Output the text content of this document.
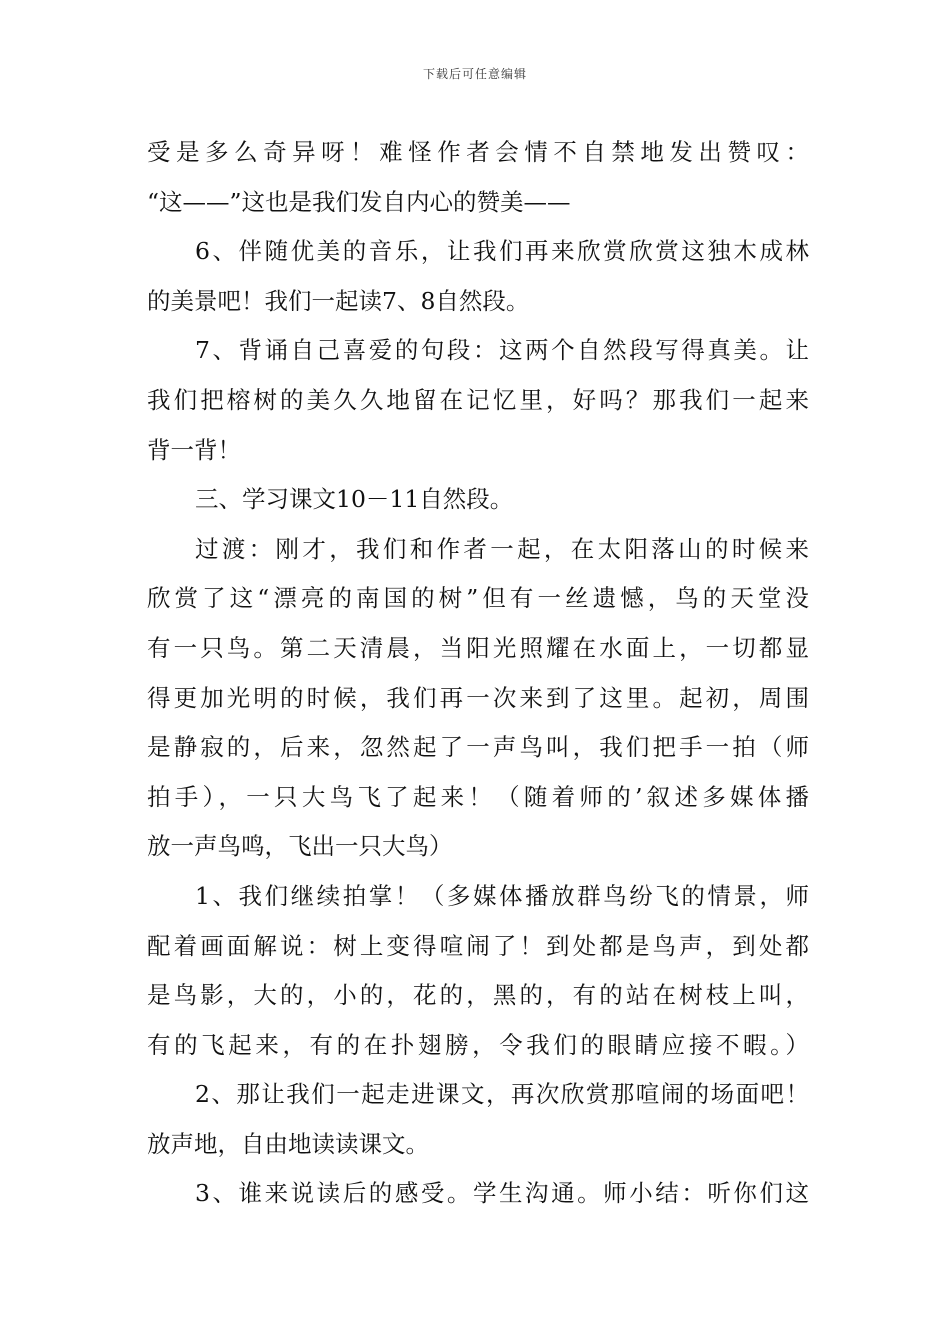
下载后可任意编辑
受是多么奇异呀！难怪作者会情不自禁地发出赞叹：
“这——”这也是我们发自内心的赞美——
6、伴随优美的音乐，让我们再来欣赏欣赏这独木成林
的美景吧！我们一起读7、8自然段。
7、背诵自己喜爱的句段：这两个自然段写得真美。让
我们把榕树的美久久地留在记忆里，好吗？那我们一起来
背一背！
三、学习课文10－11自然段。
过渡：刚才，我们和作者一起，在太阳落山的时候来
欣赏了这“漂亮的南国的树”但有一丝遗憾，鸟的天堂没
有一只鸟。第二天清晨，当阳光照耀在水面上，一切都显
得更加光明的时候，我们再一次来到了这里。起初，周围
是静寂的，后来，忽然起了一声鸟叫，我们把手一拍（师
拍手），一只大鸟飞了起来！（随着师的’叙述多媒体播
放一声鸟鸣，飞出一只大鸟）
1、我们继续拍掌！（多媒体播放群鸟纷飞的情景，师
配着画面解说：树上变得喧闹了！到处都是鸟声，到处都
是鸟影，大的，小的，花的，黑的，有的站在树枝上叫，
有的飞起来，有的在扑翅膀，令我们的眼睛应接不暇。）
2、那让我们一起走进课文，再次欣赏那喧闹的场面吧！
放声地，自由地读读课文。
3、谁来说读后的感受。学生沟通。师小结：听你们这
